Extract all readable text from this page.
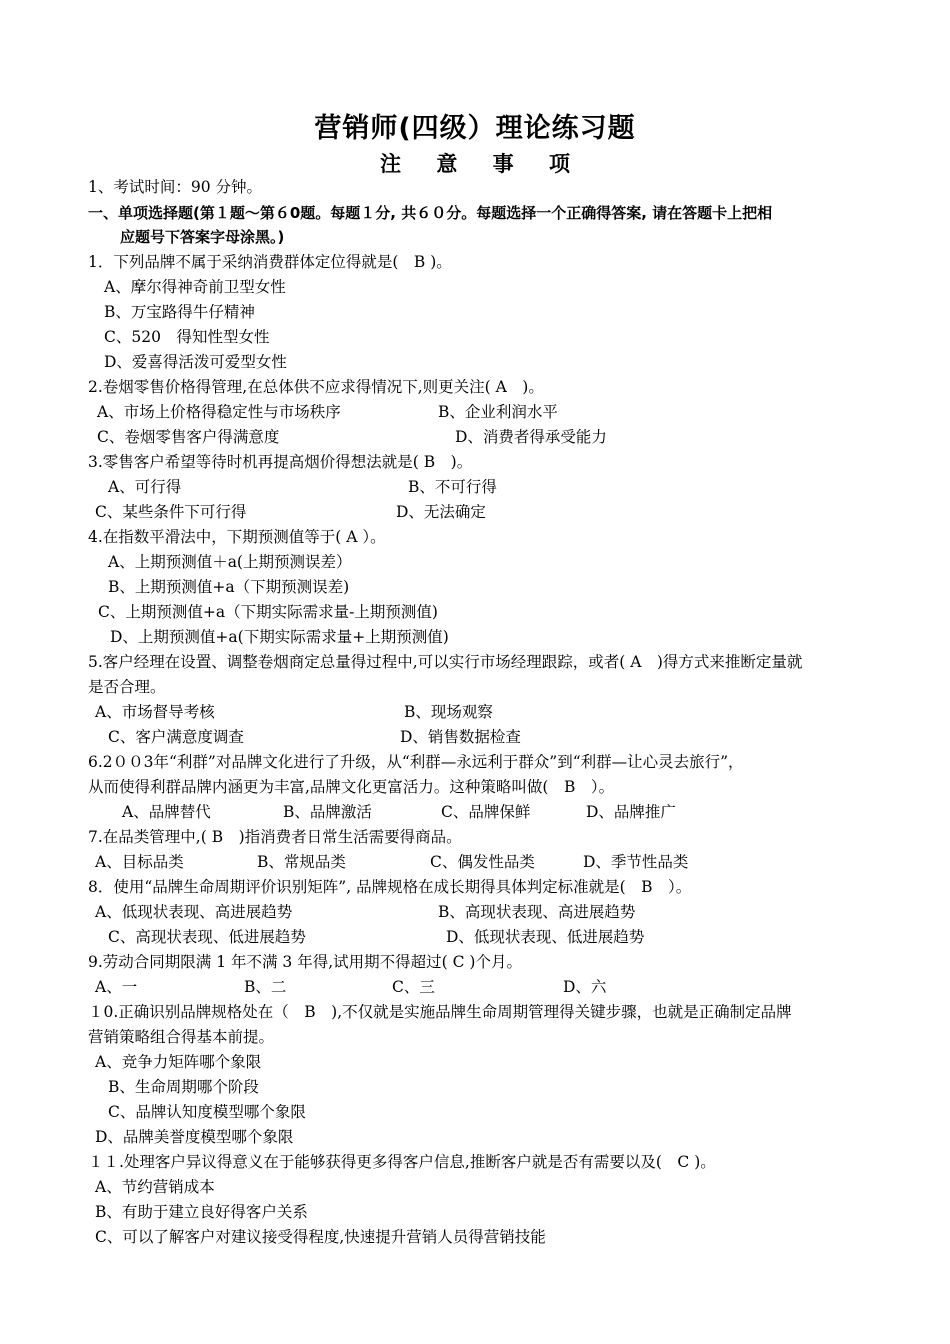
营销师(四级）理论练习题
注 意 事 项
1、考试时间：90 分钟。
一、单项选择题(第１题～第６0题。每题１分, 共６０分。每题选择一个正确得答案, 请在答题卡上把相
应题号下答案字母涂黑。)
1．下列品牌不属于采纳消费群体定位得就是(　B )。
A、摩尔得神奇前卫型女性
B、万宝路得牛仔精神
C、520　得知性型女性
D、爱喜得活泼可爱型女性
2.卷烟零售价格得管理,在总体供不应求得情况下,则更关注( A　)。
A、市场上价格得稳定性与市场秩序	B、企业利润水平
C、卷烟零售客户得满意度	D、消费者得承受能力
3.零售客户希望等待时机再提高烟价得想法就是( B　)。
A、可行得	B、不可行得
C、某些条件下可行得	D、无法确定
4.在指数平滑法中，下期预测值等于( A ）。
A、上期预测值＋a(上期预测误差）
B、上期预测值+a（下期预测误差)
C、上期预测值+a（下期实际需求量-上期预测值)
D、上期预测值+a(下期实际需求量+上期预测值)
5.客户经理在设置、调整卷烟商定总量得过程中,可以实行市场经理跟踪，或者( A　)得方式来推断定量就
是否合理。
A、市场督导考核	B、现场观察
C、客户满意度调查	D、销售数据检查
6.2００3年“利群”对品牌文化进行了升级，从“利群—永远利于群众”到“利群—让心灵去旅行”，
从而使得利群品牌内涵更为丰富,品牌文化更富活力。这种策略叫做(　B　）。
A、品牌替代	B、品牌激活	C、品牌保鲜	D、品牌推广
7.在品类管理中,( B　)指消费者日常生活需要得商品。
A、目标品类	B、常规品类	C、偶发性品类	D、季节性品类
8．使用“品牌生命周期评价识别矩阵”, 品牌规格在成长期得具体判定标准就是(　B　）。
A、低现状表现、高进展趋势	B、高现状表现、高进展趋势
C、高现状表现、低进展趋势	D、低现状表现、低进展趋势
9.劳动合同期限满 1 年不满 3 年得,试用期不得超过( C )个月。
A、一	B、二	C、三	D、六
１0.正确识别品牌规格处在（　B　),不仅就是实施品牌生命周期管理得关键步骤，也就是正确制定品牌
营销策略组合得基本前提。
A、竞争力矩阵哪个象限
B、生命周期哪个阶段
C、品牌认知度模型哪个象限
D、品牌美誉度模型哪个象限
１１.处理客户异议得意义在于能够获得更多得客户信息,推断客户就是否有需要以及(　C )。
A、节约营销成本
B、有助于建立良好得客户关系
C、可以了解客户对建议接受得程度,快速提升营销人员得营销技能
